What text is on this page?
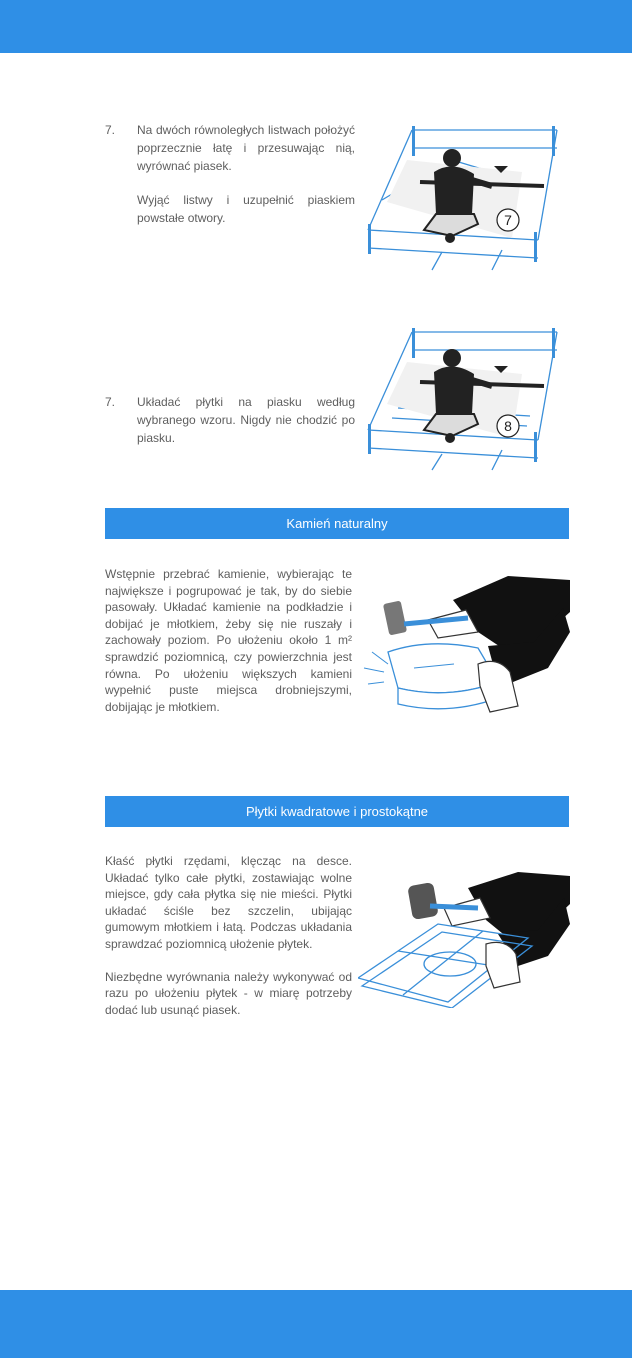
7. Na dwóch równoległych listwach położyć poprzecznie łatę i przesuwając nią, wyrównać piasek.

Wyjąć listwy i uzupełnić piaskiem powstałe otwory.	7
7. Układać płytki na piasku według wybranego wzoru. Nigdy nie chodzić po piasku.

8
Kamień naturalny

Wstępnie przebrać kamienie, wybierając te największe i pogrupować je tak, by do siebie pasowały. Układać kamienie na podkładzie i dobijać je młotkiem, żeby się nie ruszały i zachowały poziom. Po ułożeniu około 1 m² sprawdzić poziomnicą, czy powierzchnia jest równa. Po ułożeniu większych kamieni wypełnić puste miejsca drobniejszymi, dobijając je młotkiem.

Płytki kwadratowe i prostokątne

Kłaść płytki rzędami, klęcząc na desce. Układać tylko całe płytki, zostawiając wolne miejsce, gdy cała płytka się nie mieści. Płytki układać ściśle bez szczelin, ubijając gumowym młotkiem i łatą. Podczas układania sprawdzać poziomnicą ułożenie płytek.

Niezbędne wyrównania należy wykonywać od razu po ułożeniu płytek - w miarę potrzeby dodać lub usunąć piasek.
